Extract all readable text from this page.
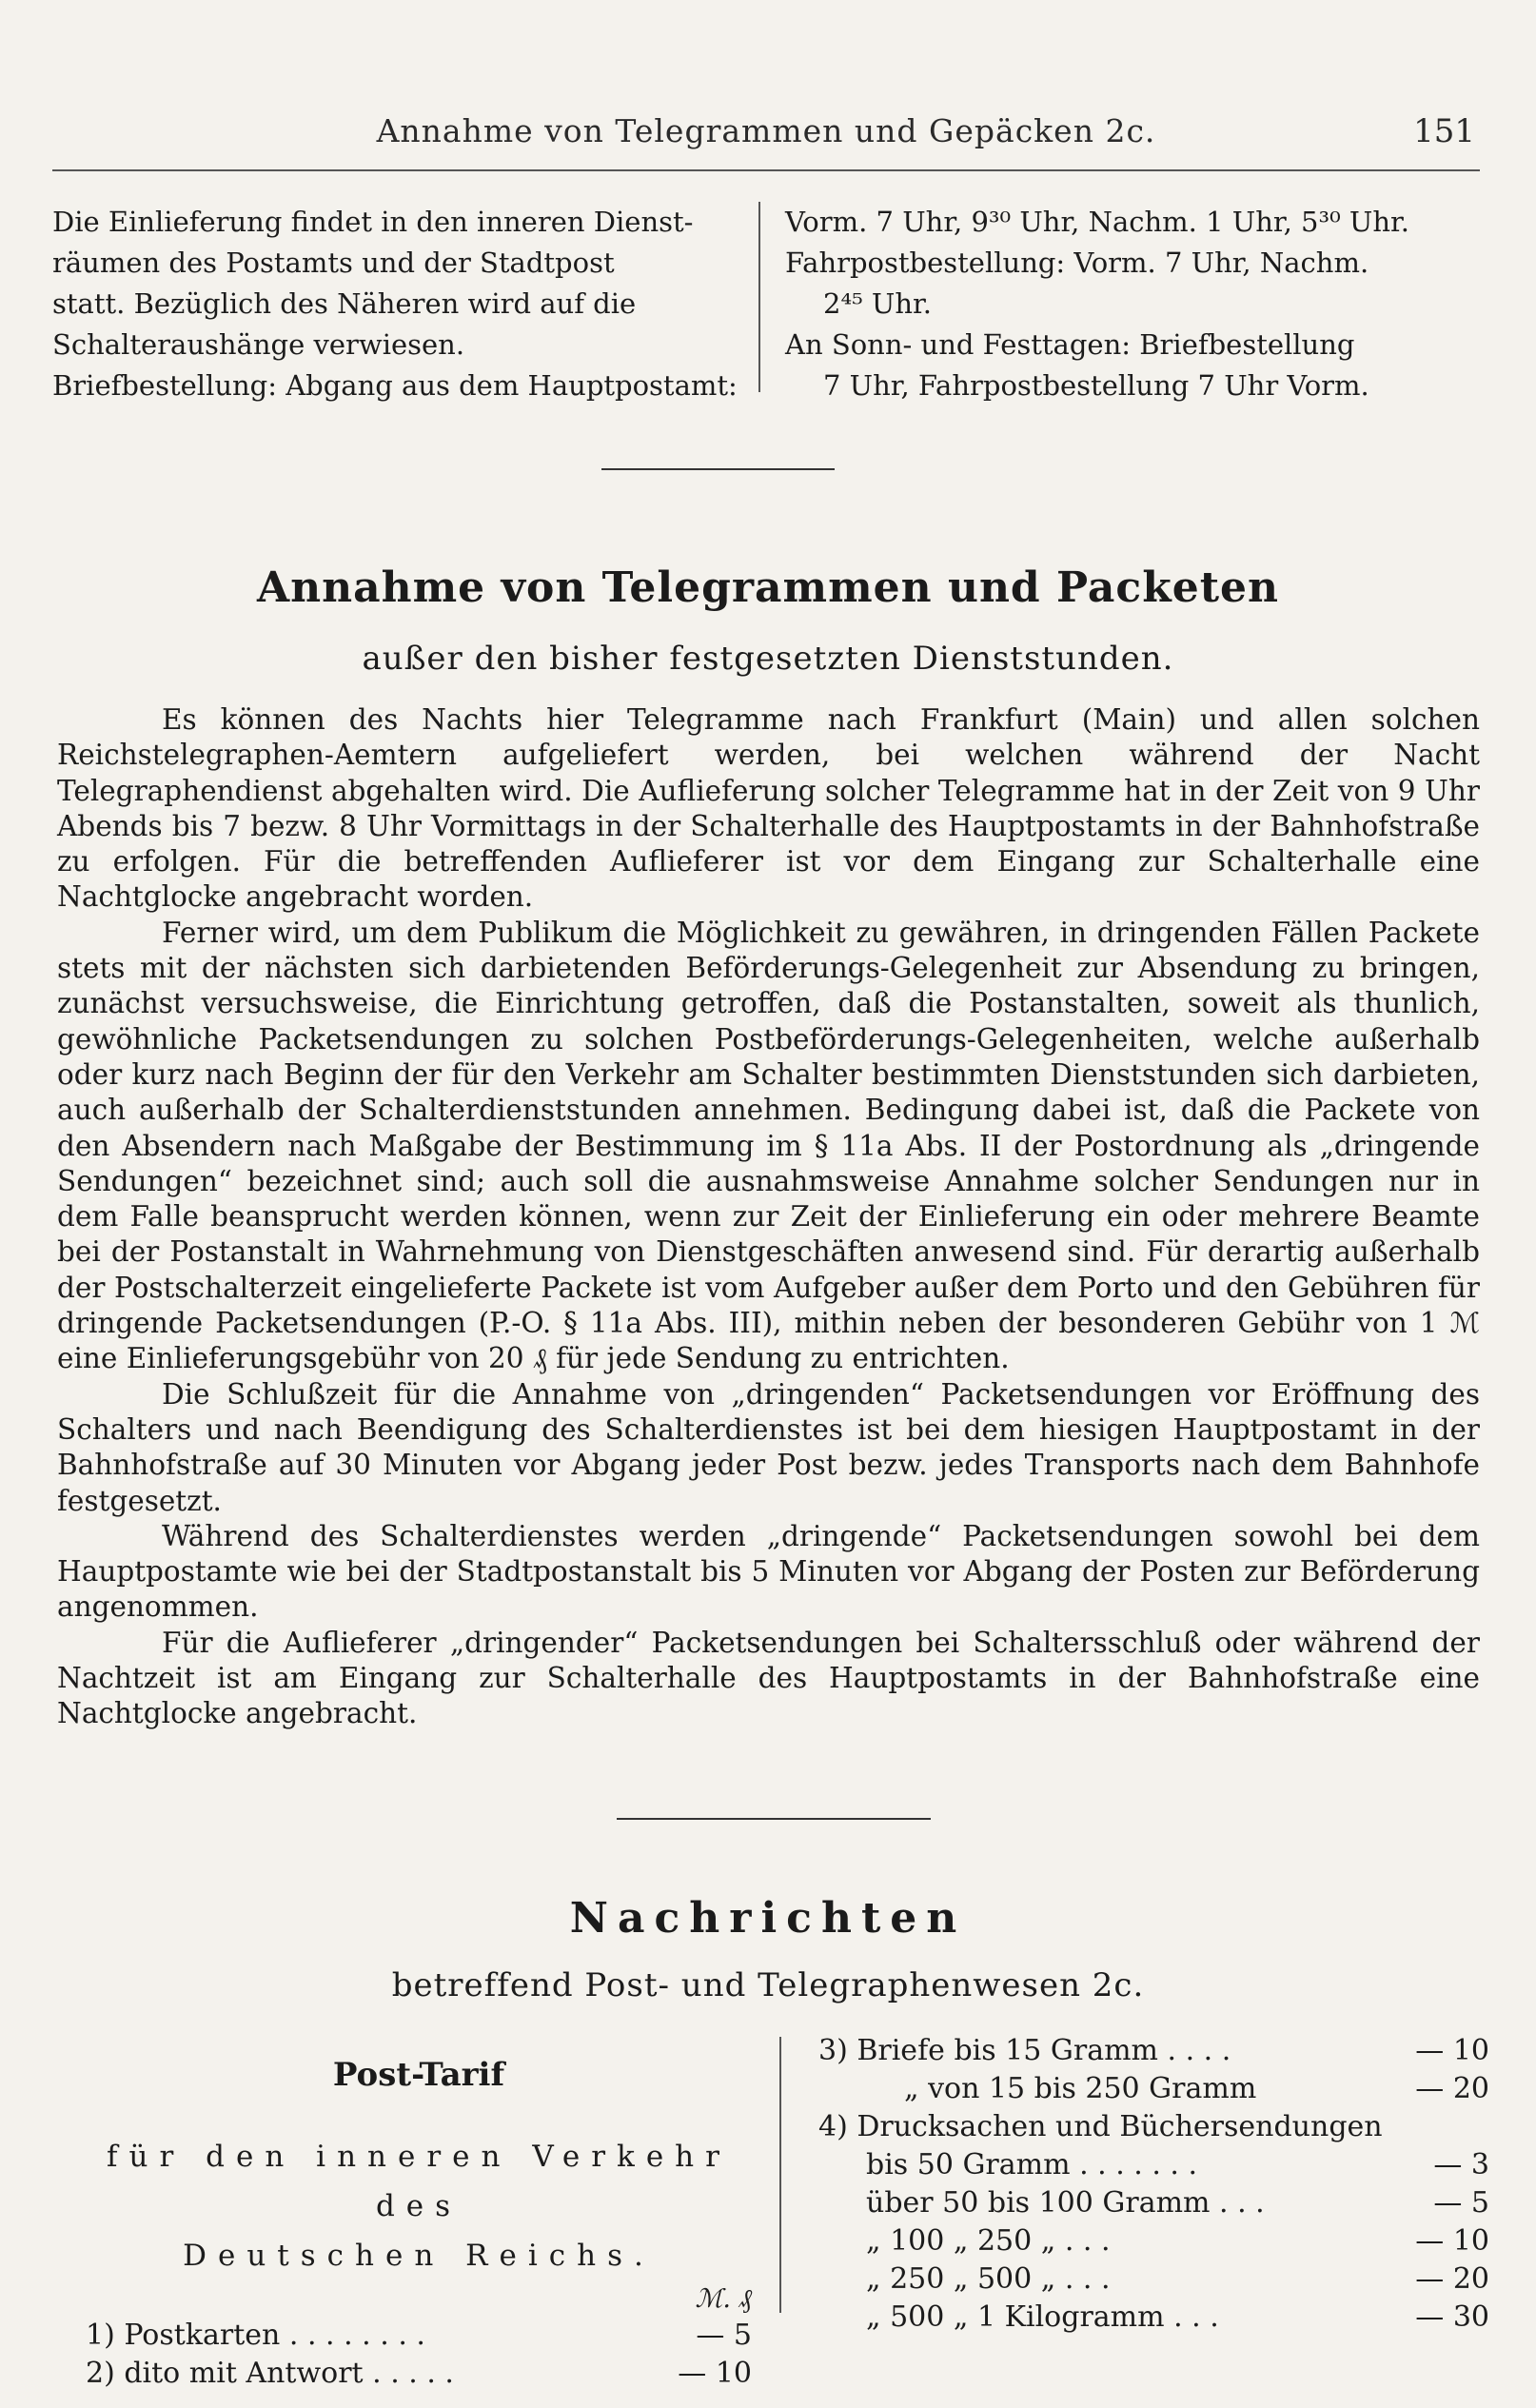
Annahme von Telegrammen und Gepäcken 2c.	151
Die Einlieferung findet in den inneren Dienst-
räumen des Postamts und der Stadtpost
statt. Bezüglich des Näheren wird auf die
Schalteraushänge verwiesen.
Briefbestellung: Abgang aus dem Hauptpostamt:
Vorm. 7 Uhr, 9³⁰ Uhr, Nachm. 1 Uhr, 5³⁰ Uhr.
Fahrpostbestellung: Vorm. 7 Uhr, Nachm.
2⁴⁵ Uhr.
An Sonn- und Festtagen: Briefbestellung
7 Uhr, Fahrpostbestellung 7 Uhr Vorm.
Annahme von Telegrammen und Packeten
außer den bisher festgesetzten Dienststunden.

Es können des Nachts hier Telegramme nach Frankfurt (Main) und allen solchen Reichstelegraphen-Aemtern aufgeliefert werden, bei welchen während der Nacht Telegraphendienst abgehalten wird. Die Auflieferung solcher Telegramme hat in der Zeit von 9 Uhr Abends bis 7 bezw. 8 Uhr Vormittags in der Schalterhalle des Hauptpostamts in der Bahnhofstraße zu erfolgen. Für die betreffenden Auflieferer ist vor dem Eingang zur Schalterhalle eine Nachtglocke angebracht worden.

Ferner wird, um dem Publikum die Möglichkeit zu gewähren, in dringenden Fällen Packete stets mit der nächsten sich darbietenden Beförderungs-Gelegenheit zur Absendung zu bringen, zunächst versuchsweise, die Einrichtung getroffen, daß die Postanstalten, soweit als thunlich, gewöhnliche Packetsendungen zu solchen Postbeförderungs-Gelegenheiten, welche außerhalb oder kurz nach Beginn der für den Verkehr am Schalter bestimmten Dienststunden sich darbieten, auch außerhalb der Schalterdienststunden annehmen. Bedingung dabei ist, daß die Packete von den Absendern nach Maßgabe der Bestimmung im § 11a Abs. II der Postordnung als „dringende Sendungen“ bezeichnet sind; auch soll die ausnahmsweise Annahme solcher Sendungen nur in dem Falle beansprucht werden können, wenn zur Zeit der Einlieferung ein oder mehrere Beamte bei der Postanstalt in Wahrnehmung von Dienstgeschäften anwesend sind. Für derartig außerhalb der Postschalterzeit eingelieferte Packete ist vom Aufgeber außer dem Porto und den Gebühren für dringende Packetsendungen (P.-O. § 11a Abs. III), mithin neben der besonderen Gebühr von 1 ℳ eine Einlieferungsgebühr von 20 ₰ für jede Sendung zu entrichten.

Die Schlußzeit für die Annahme von „dringenden“ Packetsendungen vor Eröffnung des Schalters und nach Beendigung des Schalterdienstes ist bei dem hiesigen Hauptpostamt in der Bahnhofstraße auf 30 Minuten vor Abgang jeder Post bezw. jedes Transports nach dem Bahnhofe festgesetzt.

Während des Schalterdienstes werden „dringende“ Packetsendungen sowohl bei dem Hauptpostamte wie bei der Stadtpostanstalt bis 5 Minuten vor Abgang der Posten zur Beförderung angenommen.

Für die Auflieferer „dringender“ Packetsendungen bei Schaltersschluß oder während der Nachtzeit ist am Eingang zur Schalterhalle des Hauptpostamts in der Bahnhofstraße eine Nachtglocke angebracht.

Nachrichten
betreffend Post- und Telegraphenwesen 2c.
Post-Tarif
für den inneren Verkehr des
Deutschen Reichs.
ℳ. ₰
1) Postkarten . . . . . . . .	— 5
2) dito mit Antwort . . . . .	— 10
3) Briefe bis 15 Gramm . . . .	— 10
„ von 15 bis 250 Gramm	— 20
4) Drucksachen und Büchersendungen
bis 50 Gramm . . . . . . .	— 3
über 50 bis 100 Gramm . . .	— 5
„ 100 „ 250 „ . . .	— 10
„ 250 „ 500 „ . . .	— 20
„ 500 „ 1 Kilogramm . . .	— 30
